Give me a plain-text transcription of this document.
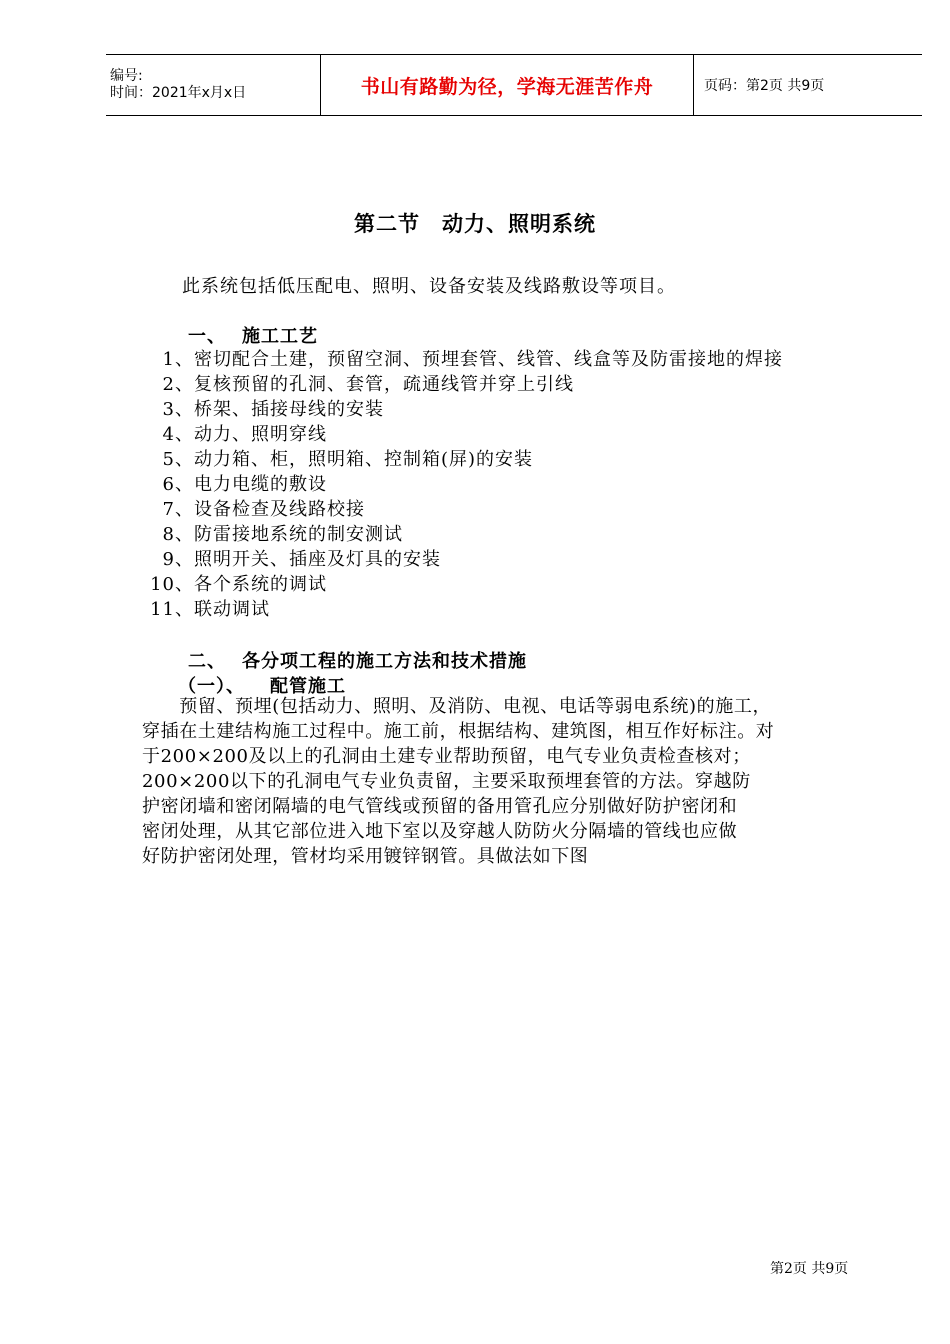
编号:
时间：2021年x月x日	书山有路勤为径，学海无涯苦作舟	页码：第2页 共9页
第二节　动力、照明系统
此系统包括低压配电、照明、设备安装及线路敷设等项目。
一、 施工工艺
1、密切配合土建，预留空洞、预埋套管、线管、线盒等及防雷接地的焊接
2、复核预留的孔洞、套管，疏通线管并穿上引线
3、桥架、插接母线的安装
4、动力、照明穿线
5、动力箱、柜，照明箱、控制箱(屏)的安装
6、电力电缆的敷设
7、设备检查及线路校接
8、防雷接地系统的制安测试
9、照明开关、插座及灯具的安装
10、各个系统的调试
11、联动调试
二、 各分项工程的施工方法和技术措施
（一）、 配管施工
　　预留、预埋(包括动力、照明、及消防、电视、电话等弱电系统)的施工，
穿插在土建结构施工过程中。施工前，根据结构、建筑图，相互作好标注。对
于200×200及以上的孔洞由土建专业帮助预留，电气专业负责检查核对；
200×200以下的孔洞电气专业负责留，主要采取预埋套管的方法。穿越防
护密闭墙和密闭隔墙的电气管线或预留的备用管孔应分别做好防护密闭和
密闭处理，从其它部位进入地下室以及穿越人防防火分隔墙的管线也应做
好防护密闭处理，管材均采用镀锌钢管。具做法如下图
第2页 共9页
